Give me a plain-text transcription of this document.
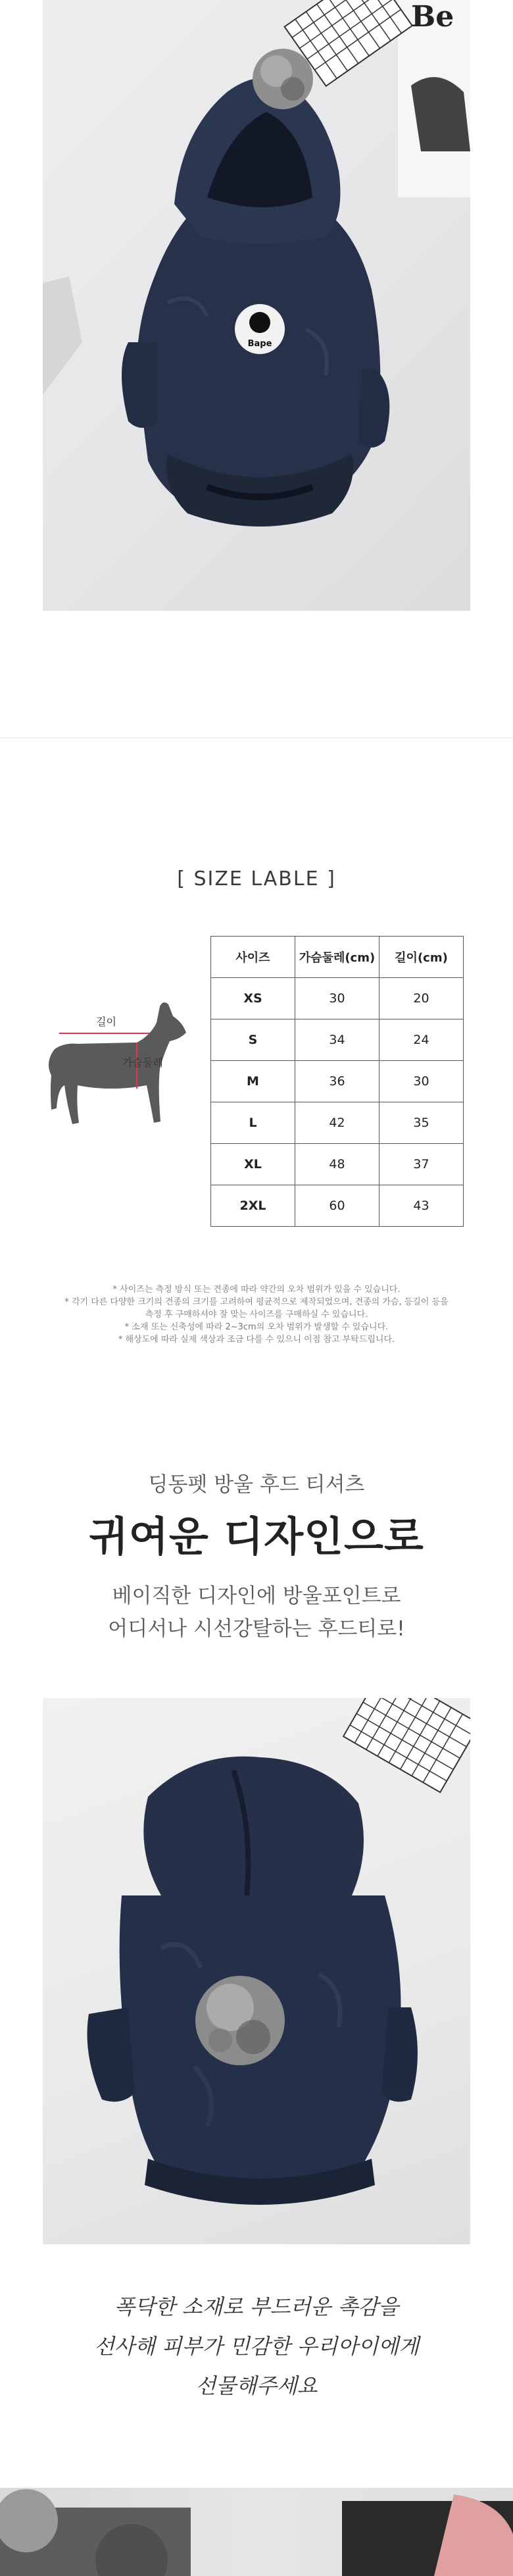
Be
Bape
[ SIZE LABLE ]
길이
가슴둘레
사이즈	가슴둘레(cm)	길이(cm)
XS	30	20
S	34	24
M	36	30
L	42	35
XL	48	37
2XL	60	43
* 사이즈는 측정 방식 또는 견종에 따라 약간의 오차 범위가 있을 수 있습니다.
* 각기 다른 다양한 크기의 견종의 크기를 고려하여 평균적으로 제작되었으며, 견종의 가슴, 등길이 등을
측정 후 구매하셔야 잘 맞는 사이즈를 구매하실 수 있습니다.
* 소재 또는 신축성에 따라 2~3cm의 오차 범위가 발생할 수 있습니다.
* 해상도에 따라 실제 색상과 조금 다를 수 있으니 이점 참고 부탁드립니다.
딩동펫 방울 후드 티셔츠
귀여운 디자인으로
베이직한 디자인에 방울포인트로
어디서나 시선강탈하는 후드티로!
폭닥한 소재로 부드러운 촉감을
선사해 피부가 민감한 우리아이에게
선물해주세요
